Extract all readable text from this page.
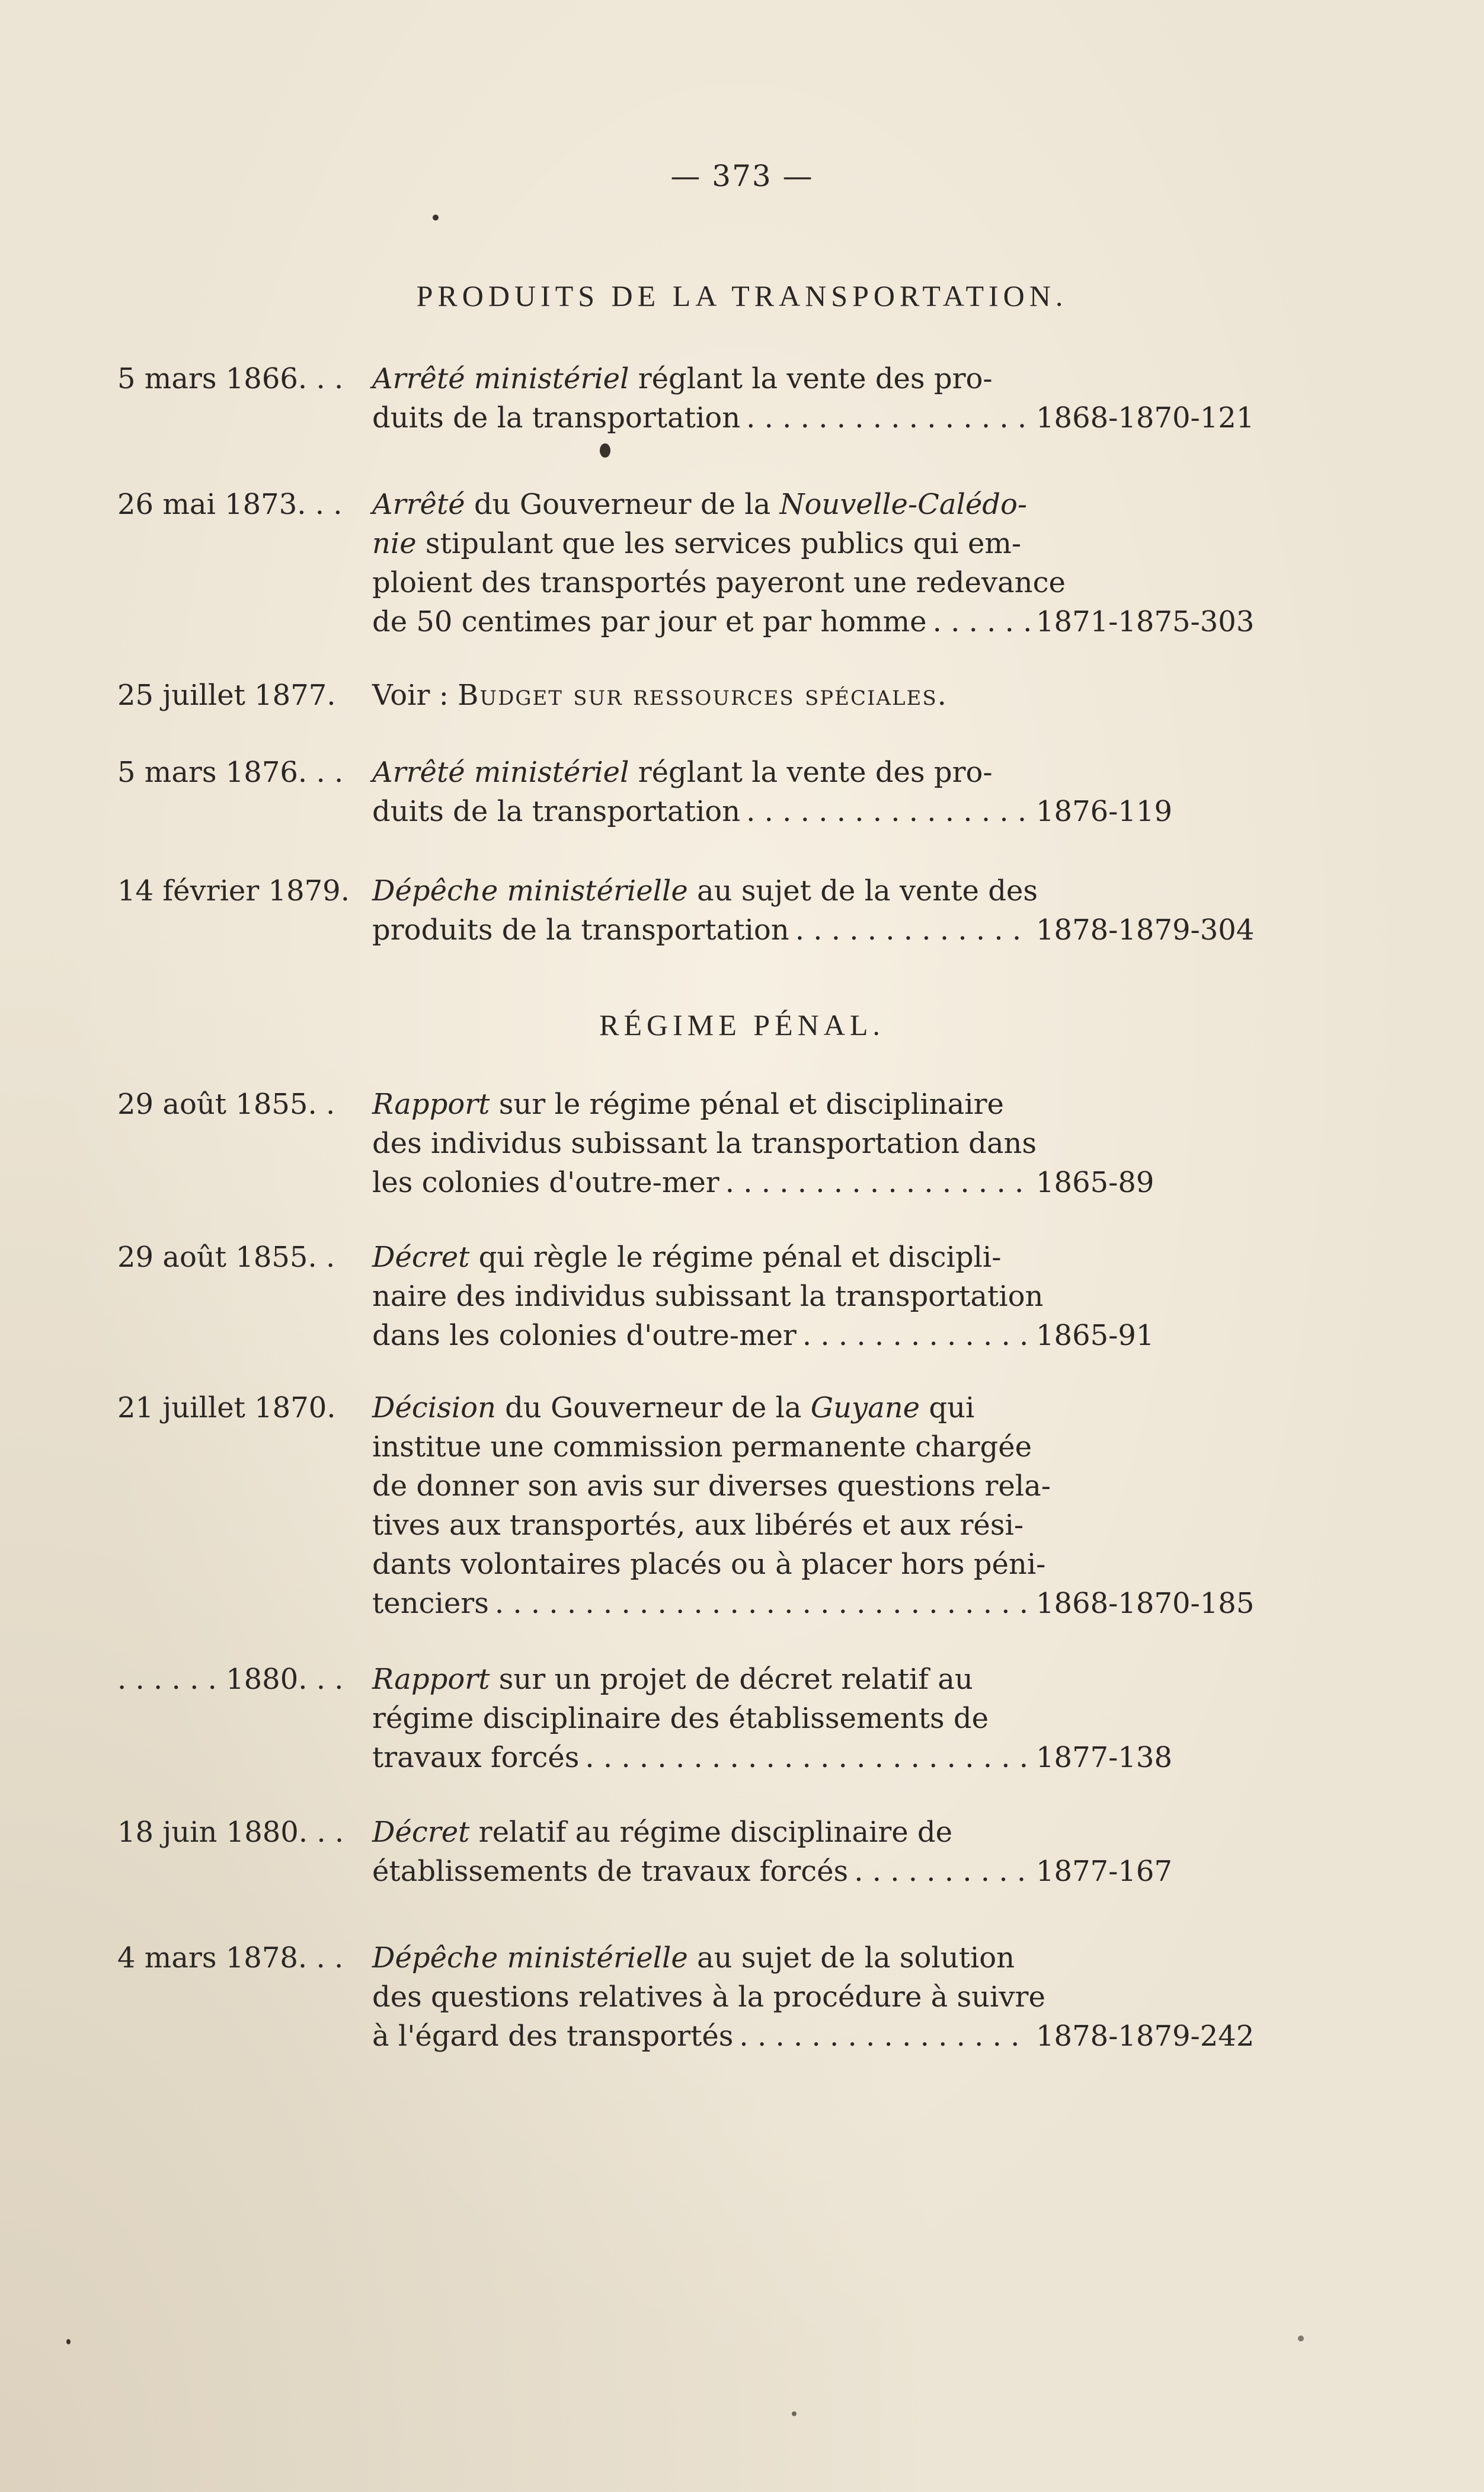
— 373 —
PRODUITS DE LA TRANSPORTATION.
5 mars 1866. . .	Arrêté ministériel réglant la vente des pro-
duits de la transportation . . .	1868-1870-121
26 mai 1873. . .	Arrêté du Gouverneur de la Nouvelle-Calédo-
nie stipulant que les services publics qui em-
ploient des transportés payeront une redevance
de 50 centimes par jour et par homme . . .	1871-1875-303
25 juillet 1877.	Voir : Budget sur ressources spéciales.
5 mars 1876. . .	Arrêté ministériel réglant la vente des pro-
duits de la transportation . . .	1876-119
14 février 1879. Dépêche ministérielle au sujet de la vente des
produits de la transportation . . .	1878-1879-304
RÉGIME PÉNAL.
29 août 1855. .	Rapport sur le régime pénal et disciplinaire
des individus subissant la transportation dans
les colonies d'outre-mer . . .	1865-89
29 août 1855. .	Décret qui règle le régime pénal et discipli-
naire des individus subissant la transportation
dans les colonies d'outre-mer . . .	1865-91
21 juillet 1870.	Décision du Gouverneur de la Guyane qui
institue une commission permanente chargée
de donner son avis sur diverses questions rela-
tives aux transportés, aux libérés et aux rési-
dants volontaires placés ou à placer hors péni-
tenciers . . .	1868-1870-185
. . . . . . 1880. . .	Rapport sur un projet de décret relatif au
régime disciplinaire des établissements de
travaux forcés . . .	1877-138
18 juin 1880. . . Décret relatif au régime disciplinaire de
établissements de travaux forcés . . .	1877-167
4 mars 1878. . .	Dépêche ministérielle au sujet de la solution
des questions relatives à la procédure à suivre
à l'égard des transportés . . .	1878-1879-242
